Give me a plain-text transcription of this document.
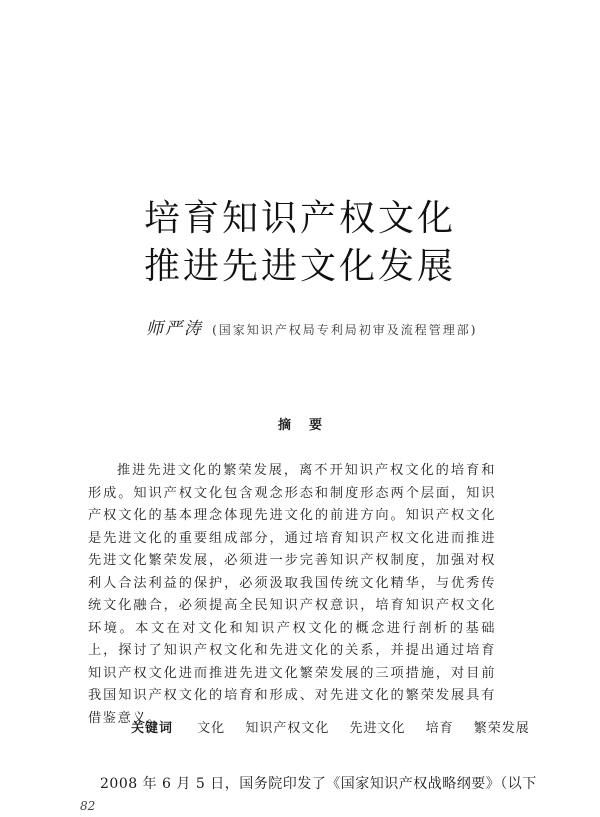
培育知识产权文化
推进先进文化发展
师严涛 (国家知识产权局专利局初审及流程管理部)
摘要

推进先进文化的繁荣发展，离不开知识产权文化的培育和形成。知识产权文化包含观念形态和制度形态两个层面，知识产权文化的基本理念体现先进文化的前进方向。知识产权文化是先进文化的重要组成部分，通过培育知识产权文化进而推进先进文化繁荣发展，必须进一步完善知识产权制度，加强对权利人合法利益的保护，必须汲取我国传统文化精华，与优秀传统文化融合，必须提高全民知识产权意识，培育知识产权文化环境。本文在对文化和知识产权文化的概念进行剖析的基础上，探讨了知识产权文化和先进文化的关系，并提出通过培育知识产权文化进而推进先进文化繁荣发展的三项措施，对目前我国知识产权文化的培育和形成、对先进文化的繁荣发展具有借鉴意义。

关键词 文化 知识产权文化 先进文化 培育 繁荣发展
2008 年 6 月 5 日，国务院印发了《国家知识产权战略纲要》（以下
82
